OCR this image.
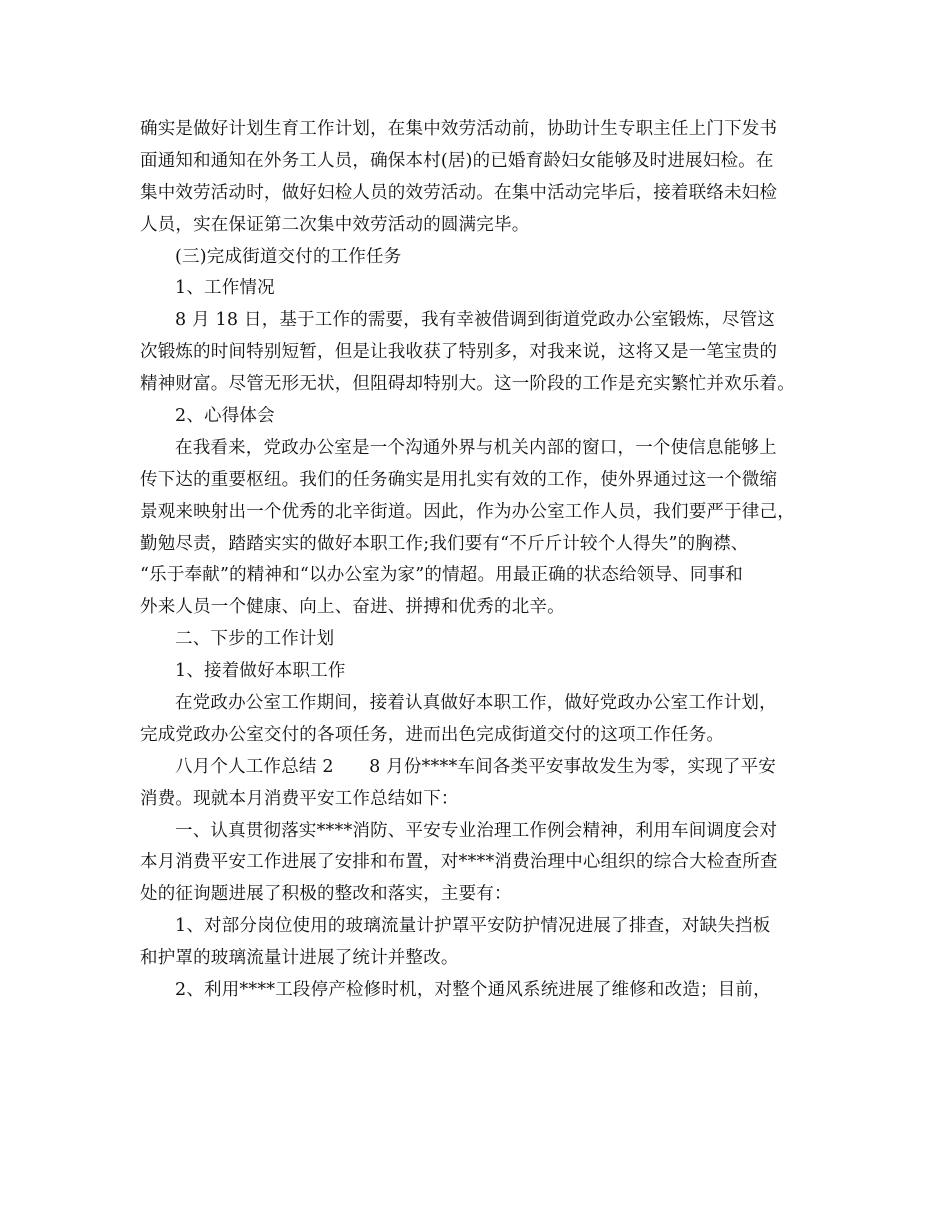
确实是做好计划生育工作计划，在集中效劳活动前，协助计生专职主任上门下发书
面通知和通知在外务工人员，确保本村(居)的已婚育龄妇女能够及时进展妇检。在
集中效劳活动时，做好妇检人员的效劳活动。在集中活动完毕后，接着联络未妇检
人员，实在保证第二次集中效劳活动的圆满完毕。
(三)完成街道交付的工作任务
1、工作情况
8 月 18 日，基于工作的需要，我有幸被借调到街道党政办公室锻炼，尽管这
次锻炼的时间特别短暂，但是让我收获了特别多，对我来说，这将又是一笔宝贵的
精神财富。尽管无形无状，但阻碍却特别大。这一阶段的工作是充实繁忙并欢乐着。
2、心得体会
在我看来，党政办公室是一个沟通外界与机关内部的窗口，一个使信息能够上
传下达的重要枢纽。我们的任务确实是用扎实有效的工作，使外界通过这一个微缩
景观来映射出一个优秀的北辛街道。因此，作为办公室工作人员，我们要严于律己，
勤勉尽责，踏踏实实的做好本职工作;我们要有“不斤斤计较个人得失”的胸襟、
“乐于奉献”的精神和“以办公室为家”的情超。用最正确的状态给领导、同事和
外来人员一个健康、向上、奋进、拼搏和优秀的北辛。
二、下步的工作计划
1、接着做好本职工作
在党政办公室工作期间，接着认真做好本职工作，做好党政办公室工作计划，
完成党政办公室交付的各项任务，进而出色完成街道交付的这项工作任务。
八月个人工作总结 2　　8 月份****车间各类平安事故发生为零，实现了平安
消费。现就本月消费平安工作总结如下：
一、认真贯彻落实****消防、平安专业治理工作例会精神，利用车间调度会对
本月消费平安工作进展了安排和布置，对****消费治理中心组织的综合大检查所查
处的征询题进展了积极的整改和落实，主要有：
1、对部分岗位使用的玻璃流量计护罩平安防护情况进展了排查，对缺失挡板
和护罩的玻璃流量计进展了统计并整改。
2、利用****工段停产检修时机，对整个通风系统进展了维修和改造；目前，
